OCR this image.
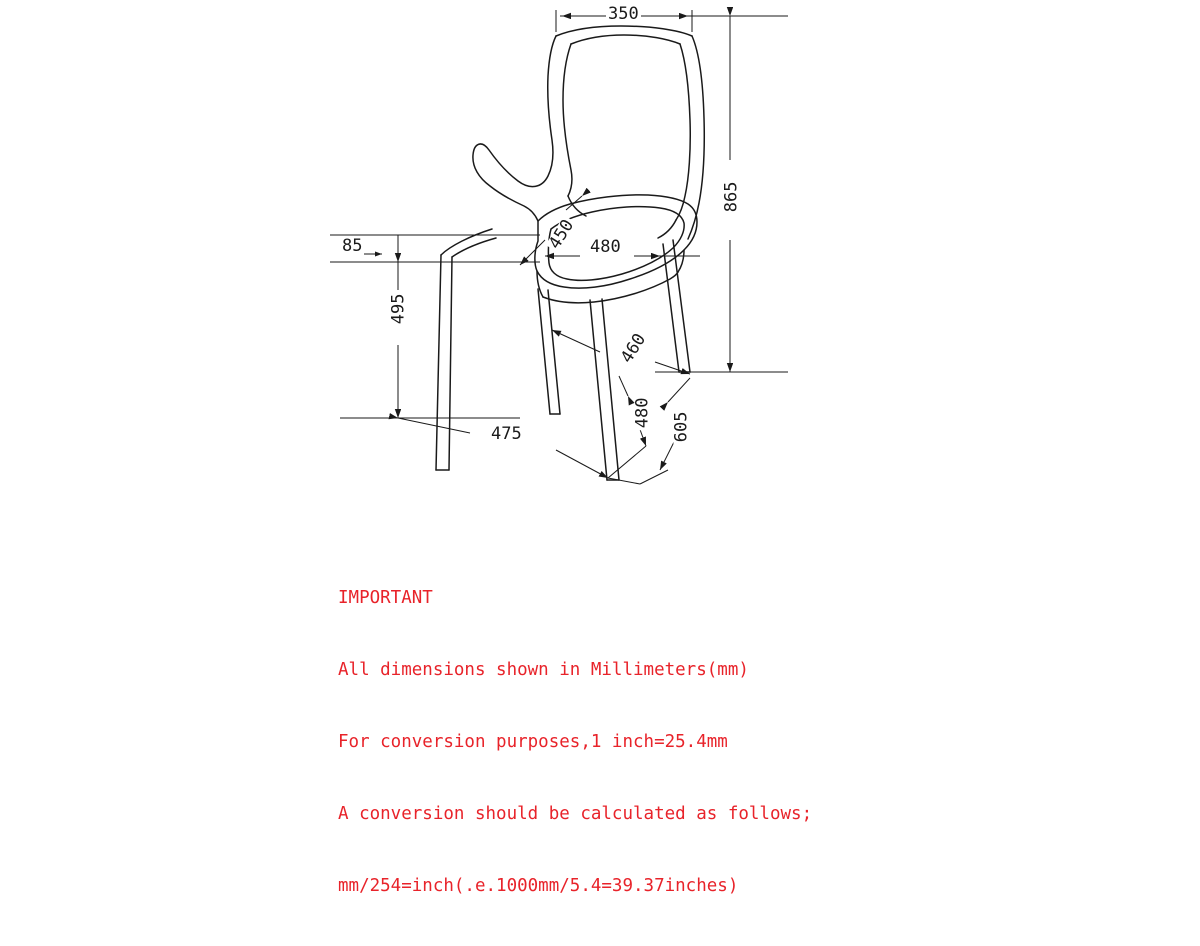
350
865
85
495
450 480
460
480 605
475

IMPORTANT

All dimensions shown in Millimeters(mm)

For conversion purposes,1 inch=25.4mm

A conversion should be calculated as follows;

mm/254=inch(.e.1000mm/5.4=39.37inches)
